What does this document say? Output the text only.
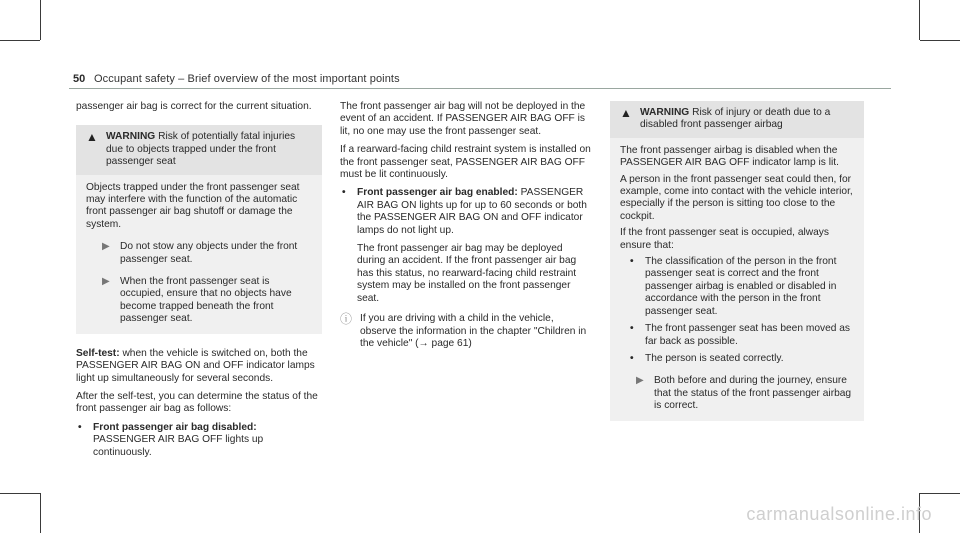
50 Occupant safety – Brief overview of the most important points

passenger air bag is correct for the current situation.

▲ WARNING Risk of potentially fatal injuries due to objects trapped under the front passenger seat

Objects trapped under the front passenger seat may interfere with the function of the automatic front passenger air bag shutoff or damage the system.

▶	Do not stow any objects under the front passenger seat.
▶	When the front passenger seat is occupied, ensure that no objects have become trapped beneath the front passenger seat.

Self-test: when the vehicle is switched on, both the PASSENGER AIR BAG ON and OFF indicator lamps light up simultaneously for several seconds.

After the self-test, you can determine the status of the front passenger air bag as follows:

•	Front passenger air bag disabled: PASSENGER AIR BAG OFF lights up continuously.

The front passenger air bag will not be deployed in the event of an accident. If PASSENGER AIR BAG OFF is lit, no one may use the front passenger seat.

If a rearward-facing child restraint system is installed on the front passenger seat, PASSENGER AIR BAG OFF must be lit continuously.

•	Front passenger air bag enabled: PASSENGER AIR BAG ON lights up for up to 60 seconds or both the PASSENGER AIR BAG ON and OFF indicator lamps do not light up.

The front passenger air bag may be deployed during an accident. If the front passenger air bag has this status, no rearward-facing child restraint system may be installed on the front passenger seat.

ⓘ If you are driving with a child in the vehicle, observe the information in the chapter "Children in the vehicle" (→ page 61)
▲ WARNING Risk of injury or death due to a disabled front passenger airbag

The front passenger airbag is disabled when the PASSENGER AIR BAG OFF indicator lamp is lit.

A person in the front passenger seat could then, for example, come into contact with the vehicle interior, especially if the person is sitting too close to the cockpit.

If the front passenger seat is occupied, always ensure that:

•	The classification of the person in the front passenger seat is correct and the front passenger airbag is enabled or disabled in accordance with the person in the front passenger seat.
•	The front passenger seat has been moved as far back as possible.
•	The person is seated correctly.
▶	Both before and during the journey, ensure that the status of the front passenger airbag is correct.
carmanualsonline.info
